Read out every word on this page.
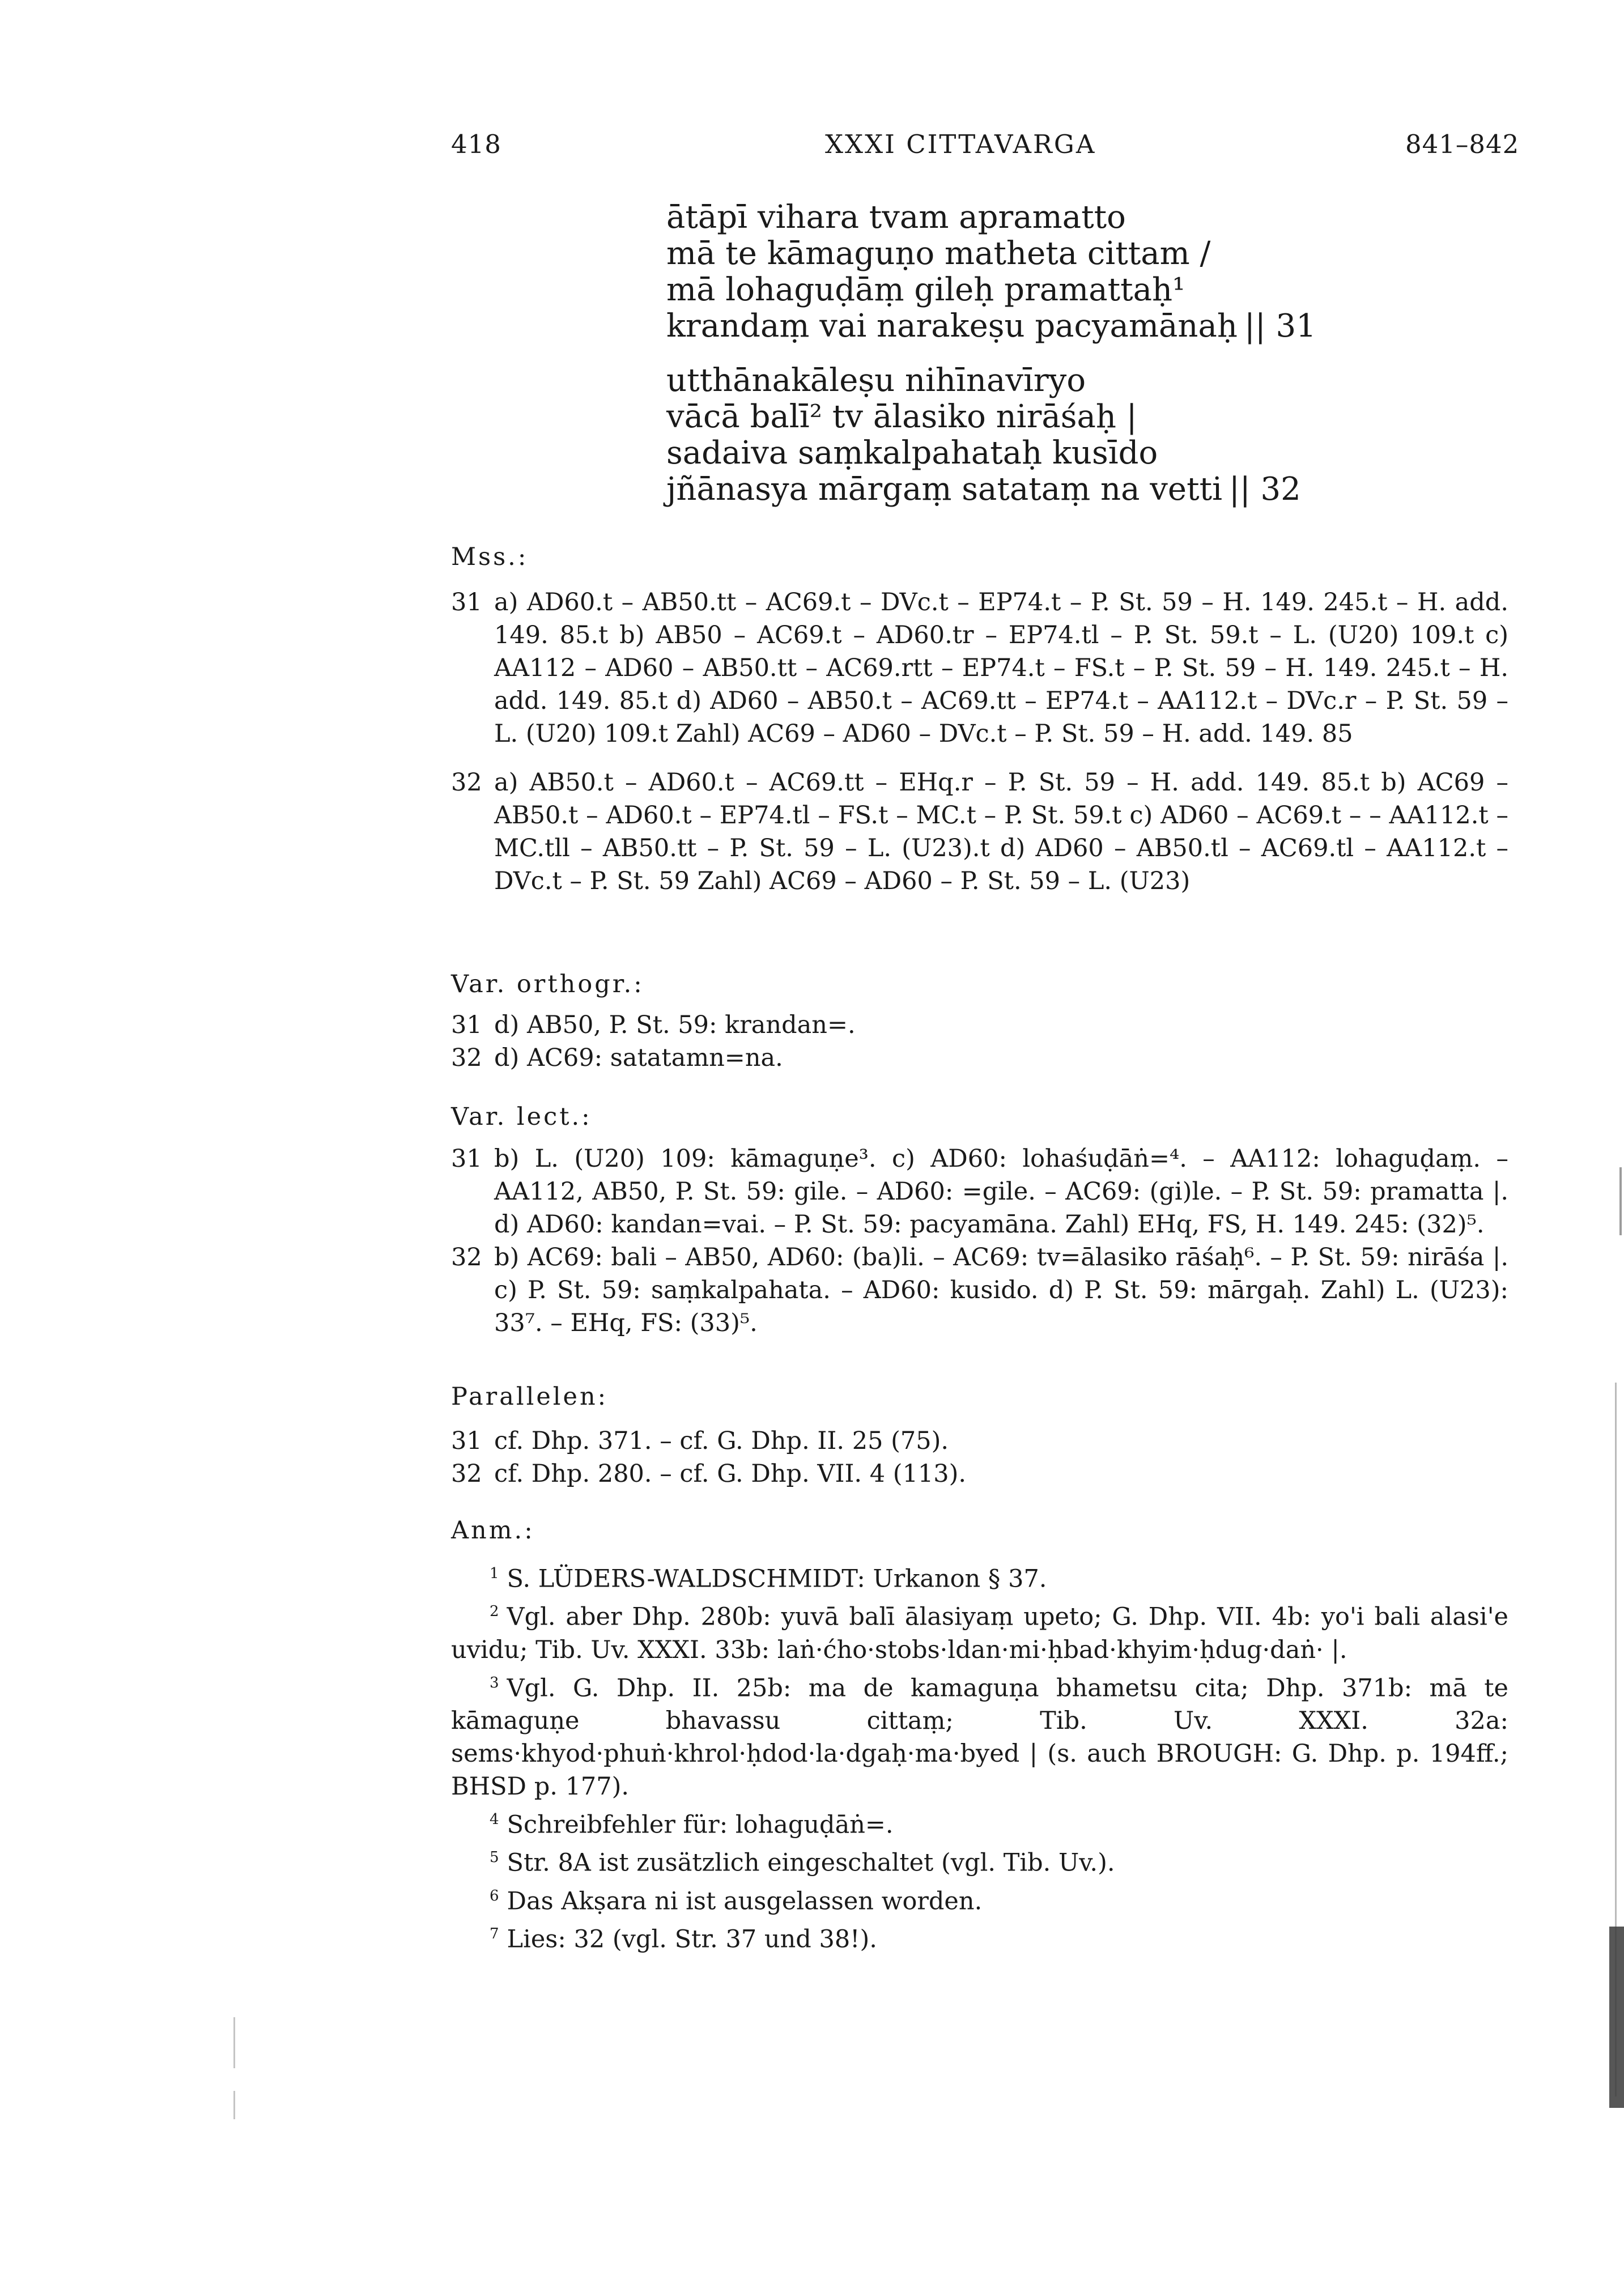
418	XXXI CITTAVARGA	841–842
ātāpī vihara tvam apramatto
mā te kāmaguṇo matheta cittam /
mā lohaguḍāṃ gileḥ pramattaḥ¹
krandaṃ vai narakeṣu pacyamānaḥ || 31
utthānakāleṣu nihīnavīryo
vācā balī² tv ālasiko nirāśaḥ |
sadaiva saṃkalpahataḥ kusīdo
jñānasya mārgaṃ satataṃ na vetti || 32
Mss.:
31 a) AD60.t – AB50.tt – AC69.t – DVc.t – EP74.t – P. St. 59 – H. 149. 245.t – H. add. 149. 85.t b) AB50 – AC69.t – AD60.tr – EP74.tl – P. St. 59.t – L. (U20) 109.t c) AA112 – AD60 – AB50.tt – AC69.rtt – EP74.t – FS.t – P. St. 59 – H. 149. 245.t – H. add. 149. 85.t d) AD60 – AB50.t – AC69.tt – EP74.t – AA112.t – DVc.r – P. St. 59 – L. (U20) 109.t Zahl) AC69 – AD60 – DVc.t – P. St. 59 – H. add. 149. 85
32 a) AB50.t – AD60.t – AC69.tt – EHq.r – P. St. 59 – H. add. 149. 85.t b) AC69 – AB50.t – AD60.t – EP74.tl – FS.t – MC.t – P. St. 59.t c) AD60 – AC69.t – – AA112.t – MC.tll – AB50.tt – P. St. 59 – L. (U23).t d) AD60 – AB50.tl – AC69.tl – AA112.t – DVc.t – P. St. 59 Zahl) AC69 – AD60 – P. St. 59 – L. (U23)
Var. orthogr.:
31 d) AB50, P. St. 59: krandan=.
32 d) AC69: satatamn=na.
Var. lect.:
31 b) L. (U20) 109: kāmaguṇe³. c) AD60: lohaśuḍāṅ=⁴. – AA112: lohaguḍaṃ. – AA112, AB50, P. St. 59: gile. – AD60: =gile. – AC69: (gi)le. – P. St. 59: pramatta |. d) AD60: kandan=vai. – P. St. 59: pacyamāna. Zahl) EHq, FS, H. 149. 245: (32)⁵.
32 b) AC69: bali – AB50, AD60: (ba)li. – AC69: tv=ālasiko rāśaḥ⁶. – P. St. 59: nirāśa |. c) P. St. 59: saṃkalpahata. – AD60: kusido. d) P. St. 59: mārgaḥ. Zahl) L. (U23): 33⁷. – EHq, FS: (33)⁵.
Parallelen:
31 cf. Dhp. 371. – cf. G. Dhp. II. 25 (75).
32 cf. Dhp. 280. – cf. G. Dhp. VII. 4 (113).
Anm.:
$^1$ S. LÜDERS-WALDSCHMIDT: Urkanon § 37.
$^2$ Vgl. aber Dhp. 280b: yuvā balī ālasiyaṃ upeto; G. Dhp. VII. 4b: yo'i bali alasi'e uvidu; Tib. Uv. XXXI. 33b: laṅ·ćho·stobs·ldan·mi·ḥbad·khyim·ḥdug·daṅ· |.
$^3$ Vgl. G. Dhp. II. 25b: ma de kamaguṇa bhametsu cita; Dhp. 371b: mā te kāmaguṇe bhavassu cittaṃ; Tib. Uv. XXXI. 32a: sems·khyod·phuṅ·khrol·ḥdod·la·dgaḥ·ma·byed | (s. auch BROUGH: G. Dhp. p. 194ff.; BHSD p. 177).
$^4$ Schreibfehler für: lohaguḍāṅ=.
$^5$ Str. 8A ist zusätzlich eingeschaltet (vgl. Tib. Uv.).
$^6$ Das Akṣara ni ist ausgelassen worden.
$^7$ Lies: 32 (vgl. Str. 37 und 38!).
